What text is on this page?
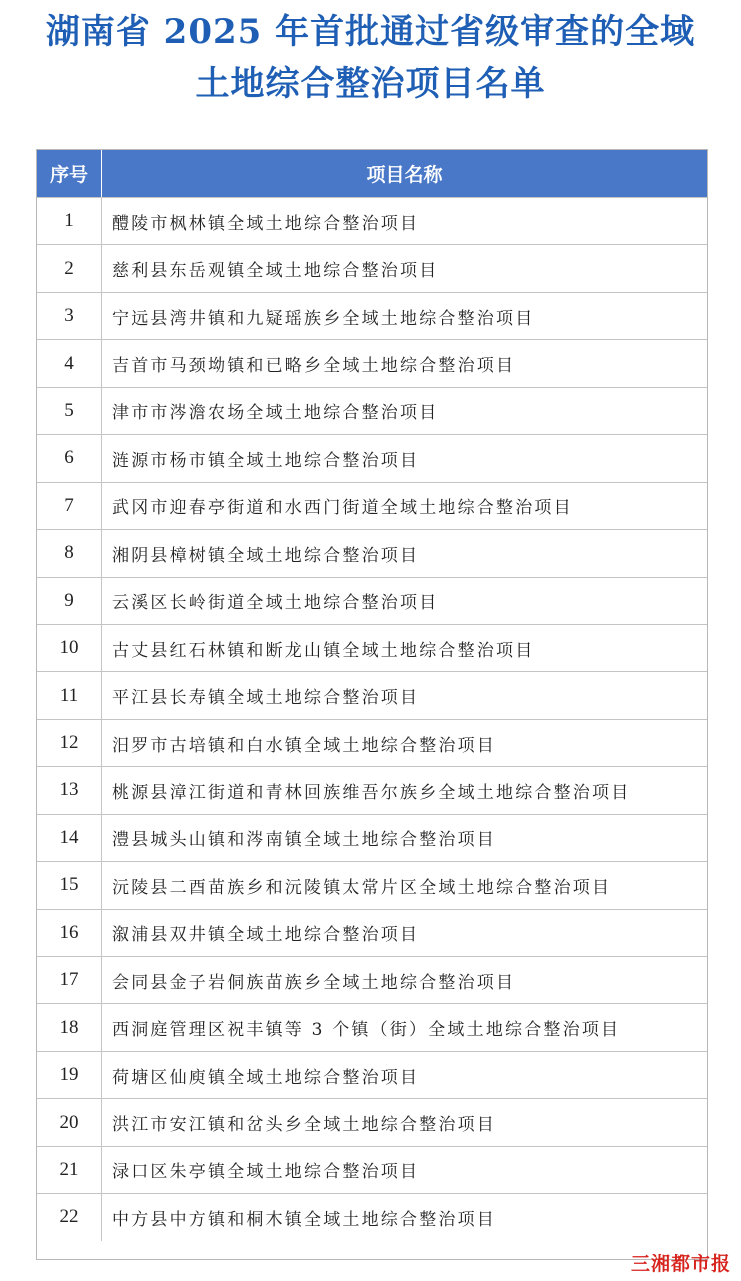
湖南省 2025 年首批通过省级审查的全域
土地综合整治项目名单
序号	项目名称
1	醴陵市枫林镇全域土地综合整治项目
2	慈利县东岳观镇全域土地综合整治项目
3	宁远县湾井镇和九疑瑶族乡全域土地综合整治项目
4	吉首市马颈坳镇和已略乡全域土地综合整治项目
5	津市市涔澹农场全域土地综合整治项目
6	涟源市杨市镇全域土地综合整治项目
7	武冈市迎春亭街道和水西门街道全域土地综合整治项目
8	湘阴县樟树镇全域土地综合整治项目
9	云溪区长岭街道全域土地综合整治项目
10	古丈县红石林镇和断龙山镇全域土地综合整治项目
11	平江县长寿镇全域土地综合整治项目
12	汨罗市古培镇和白水镇全域土地综合整治项目
13	桃源县漳江街道和青林回族维吾尔族乡全域土地综合整治项目
14	澧县城头山镇和涔南镇全域土地综合整治项目
15	沅陵县二酉苗族乡和沅陵镇太常片区全域土地综合整治项目
16	溆浦县双井镇全域土地综合整治项目
17	会同县金子岩侗族苗族乡全域土地综合整治项目
18	西洞庭管理区祝丰镇等 3 个镇（街）全域土地综合整治项目
19	荷塘区仙庾镇全域土地综合整治项目
20	洪江市安江镇和岔头乡全域土地综合整治项目
21	渌口区朱亭镇全域土地综合整治项目
22	中方县中方镇和桐木镇全域土地综合整治项目
三湘都市报
